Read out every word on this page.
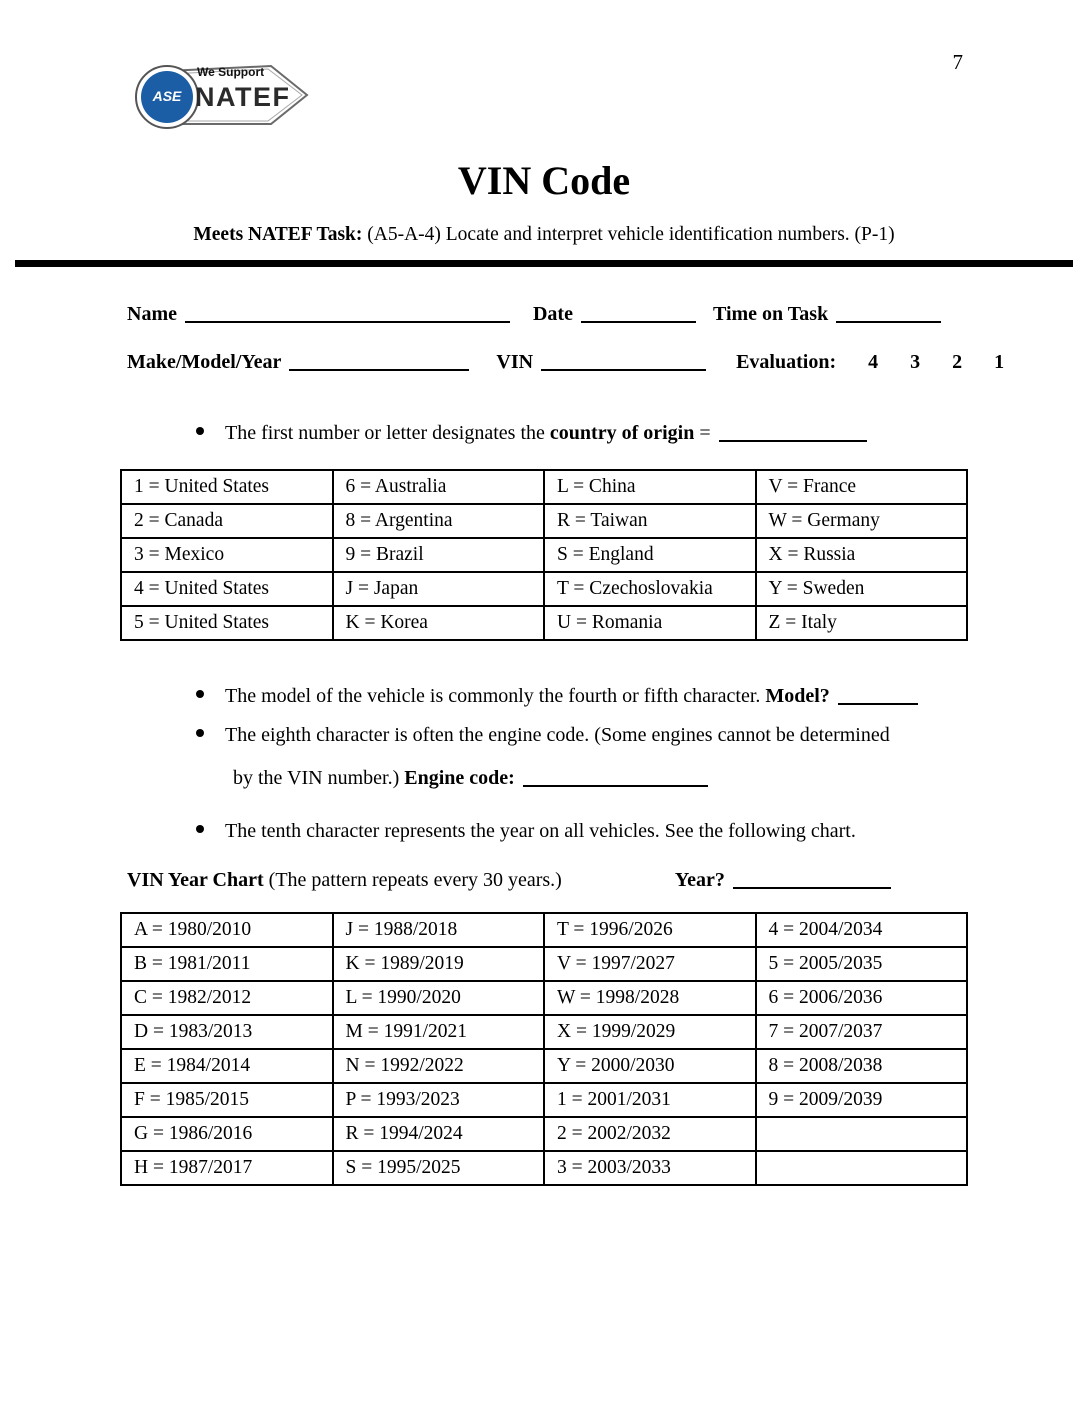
7
ASE
We Support
NATEF
VIN Code
Meets NATEF Task: (A5-A-4) Locate and interpret vehicle identification numbers. (P-1)
Name	Date	Time on Task
Make/Model/Year	VIN	Evaluation: 4 3 2 1
The first number or letter designates the country of origin =
1 = United States	6 = Australia	L = China	V = France
2 = Canada	8 = Argentina	R = Taiwan	W = Germany
3 = Mexico	9 = Brazil	S = England	X = Russia
4 = United States	J = Japan	T = Czechoslovakia	Y = Sweden
5 = United States	K = Korea	U = Romania	Z = Italy
The model of the vehicle is commonly the fourth or fifth character. Model?
The eighth character is often the engine code. (Some engines cannot be determined
by the VIN number.) Engine code:
The tenth character represents the year on all vehicles. See the following chart.
VIN Year Chart (The pattern repeats every 30 years.)	Year?
A = 1980/2010	J = 1988/2018	T = 1996/2026	4 = 2004/2034
B = 1981/2011	K = 1989/2019	V = 1997/2027	5 = 2005/2035
C = 1982/2012	L = 1990/2020	W = 1998/2028	6 = 2006/2036
D = 1983/2013	M = 1991/2021	X = 1999/2029	7 = 2007/2037
E = 1984/2014	N = 1992/2022	Y = 2000/2030	8 = 2008/2038
F = 1985/2015	P = 1993/2023	1 = 2001/2031	9 = 2009/2039
G = 1986/2016	R = 1994/2024	2 = 2002/2032	
H = 1987/2017	S = 1995/2025	3 = 2003/2033	
